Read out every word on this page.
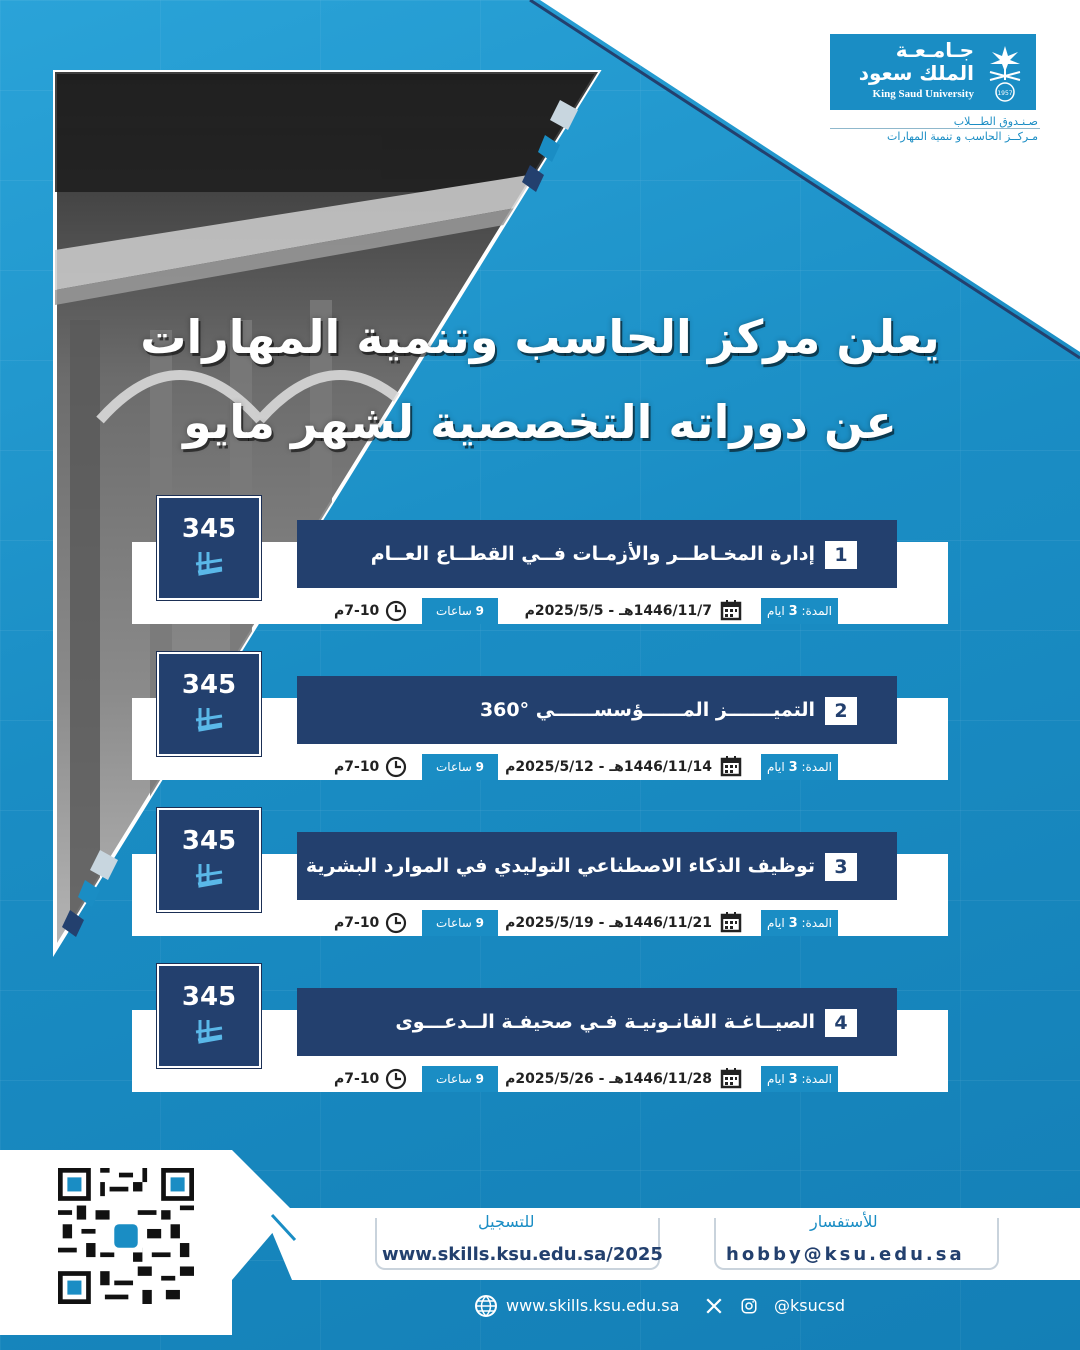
جـامـعـة
الملك سعود
King Saud University	1957
صـنـدوق الطـــلاب
مـركــز الحاسب و تنمية المهارات
يعلن مركز الحاسب وتنمية المهارات
عن دوراته التخصصية لشهر مايو
345
1
إدارة المخـاطــر والأزمـات فــي القطــاع العــام
المدة: 3 ايام
1446/11/7هـ - 2025/5/5م
9 ساعات
7-10م
345
2
التميـــــــز المــــــؤسســــــي °360
المدة: 3 ايام
1446/11/14هـ - 2025/5/12م
9 ساعات
7-10م
345
3
توظيف الذكاء الاصطناعي التوليدي في الموارد البشرية
المدة: 3 ايام
1446/11/21هـ - 2025/5/19م
9 ساعات
7-10م
345
4
الصيــاغـة القانـونيـة فـي صحيفـة الــدعـــوى
المدة: 3 ايام
1446/11/28هـ - 2025/5/26م
9 ساعات
7-10م
للتسجيل
www.skills.ksu.edu.sa/2025
للأستفسار
hobby@ksu.edu.sa
www.skills.ksu.edu.sa	@ksucsd
